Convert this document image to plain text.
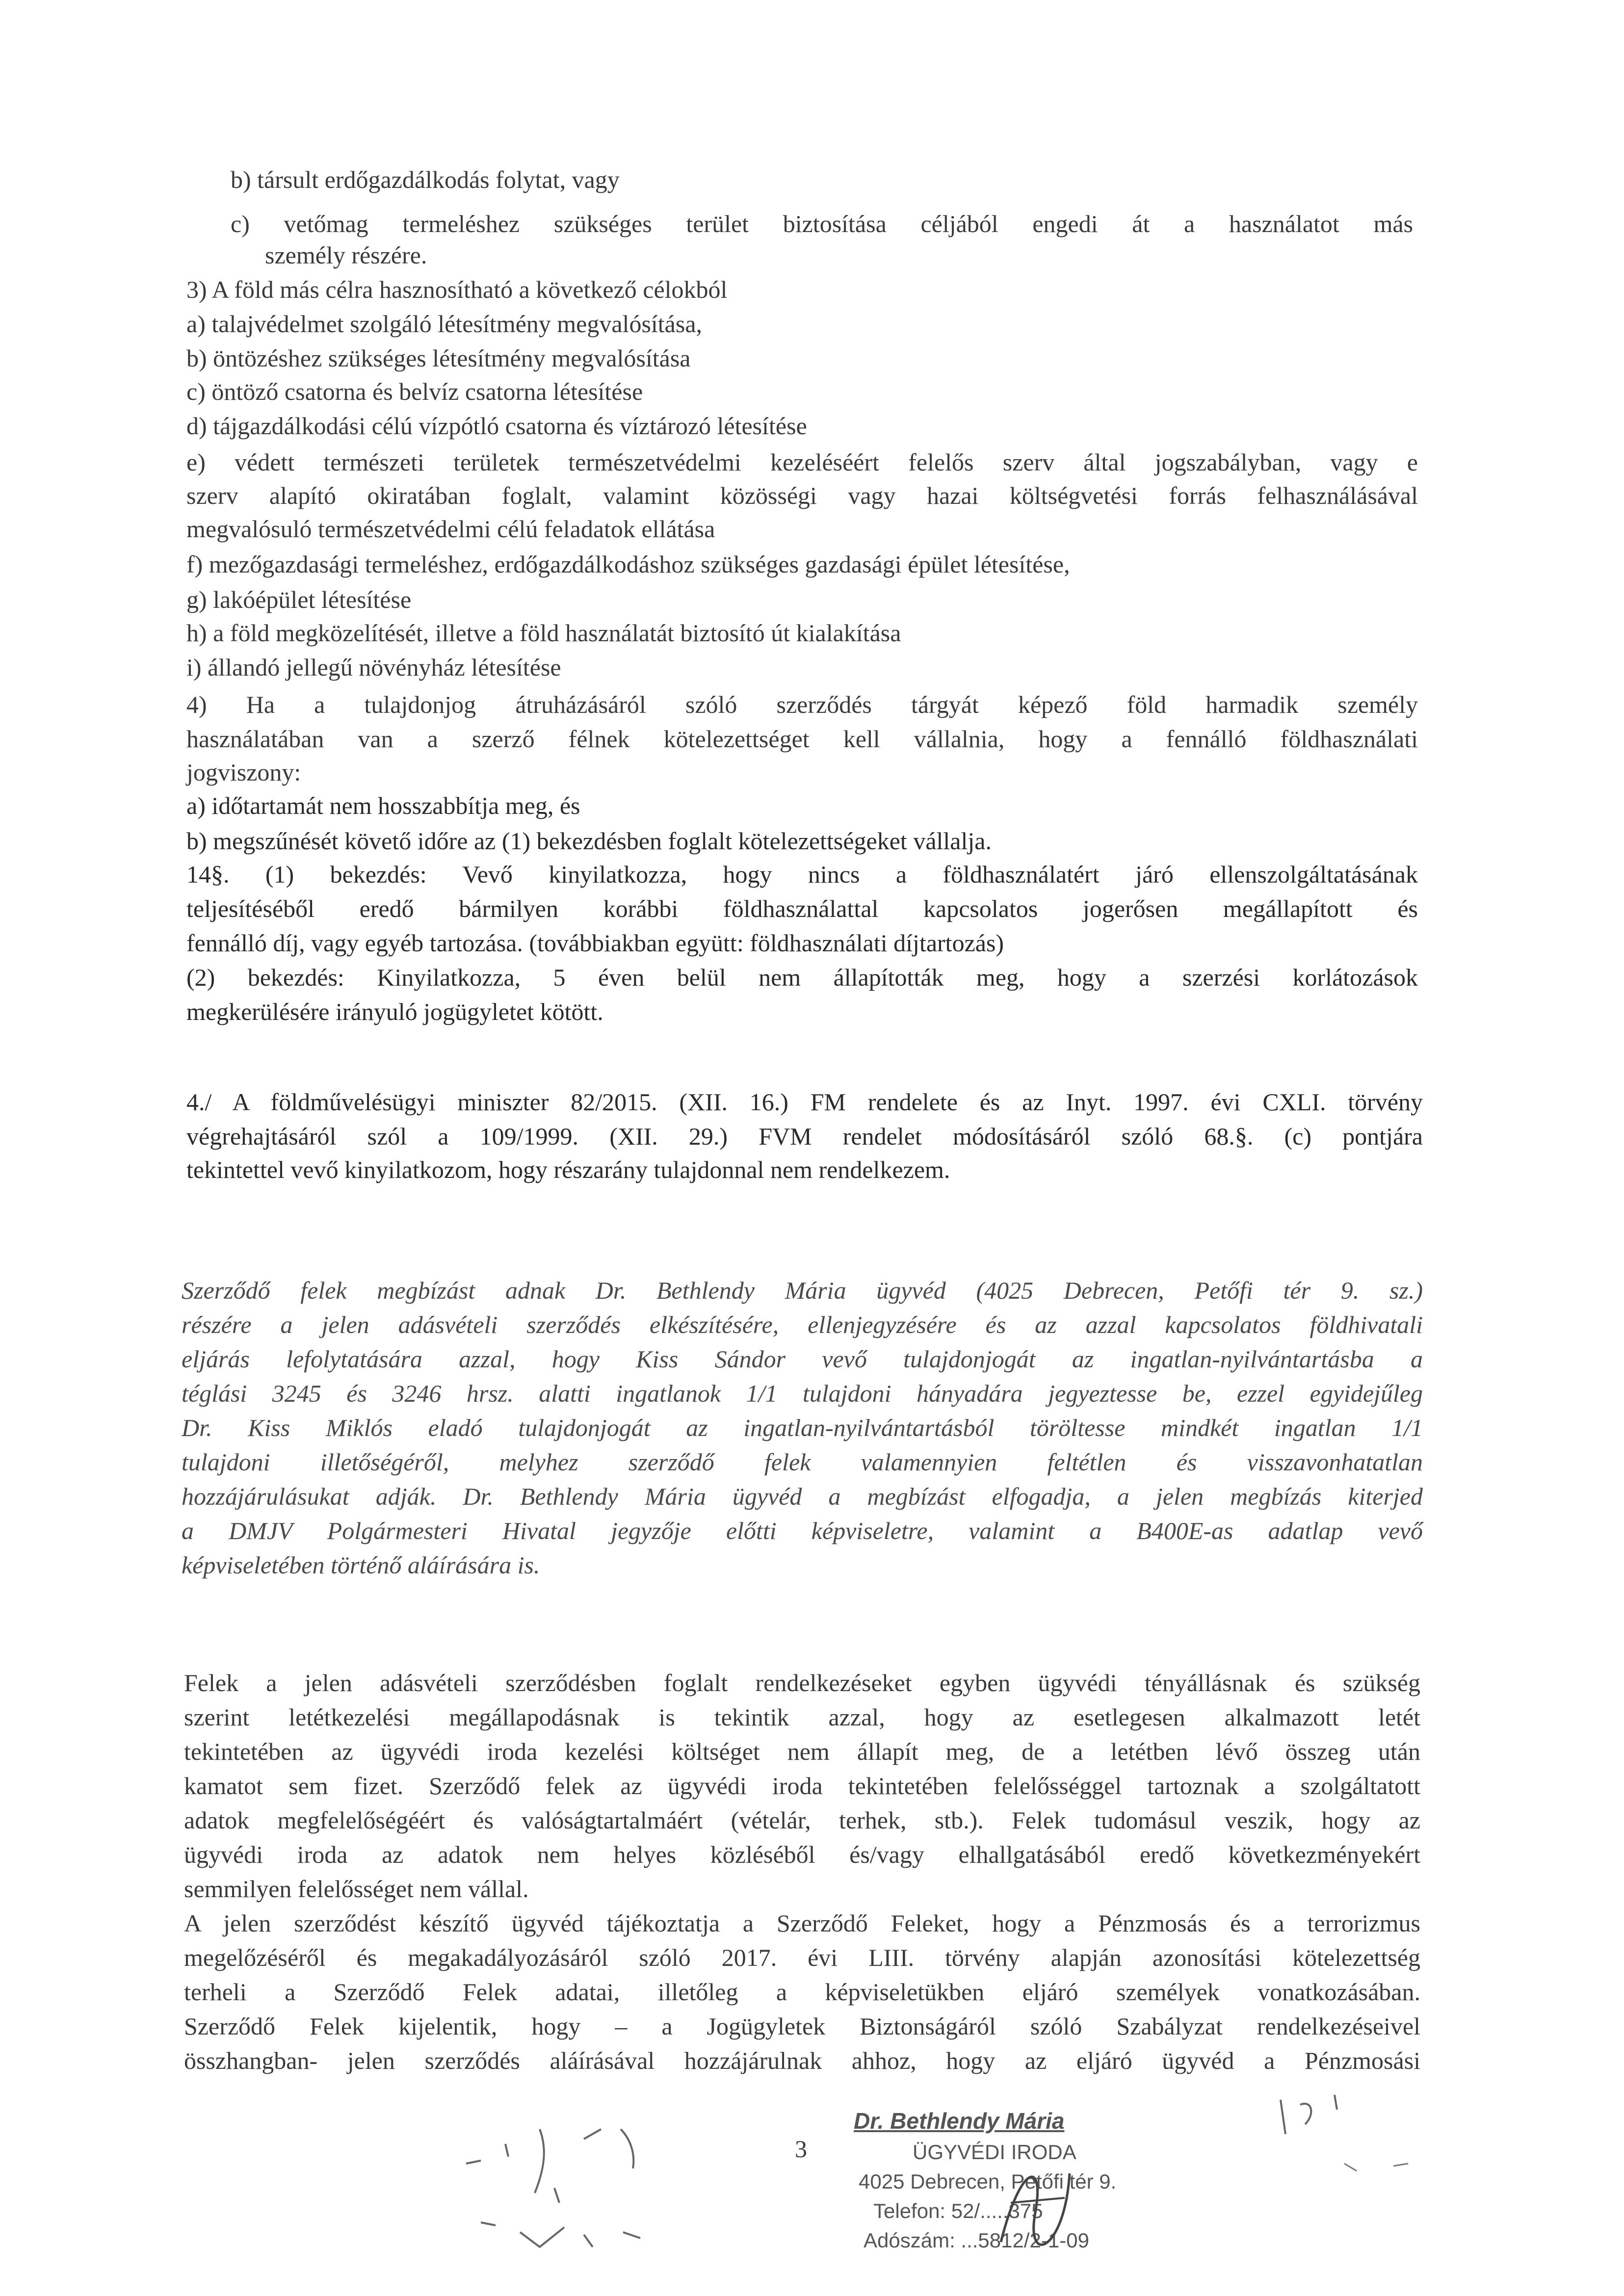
b) társult erdőgazdálkodás folytat, vagy
c) vetőmag termeléshez szükséges terület biztosítása céljából engedi át a használatot más
személy részére.
3) A föld más célra hasznosítható a következő célokból
a) talajvédelmet szolgáló létesítmény megvalósítása,
b) öntözéshez szükséges létesítmény megvalósítása
c) öntöző csatorna és belvíz csatorna létesítése
d) tájgazdálkodási célú vízpótló csatorna és víztározó létesítése
e) védett természeti területek természetvédelmi kezeléséért felelős szerv által jogszabályban, vagy e
szerv alapító okiratában foglalt, valamint közösségi vagy hazai költségvetési forrás felhasználásával
megvalósuló természetvédelmi célú feladatok ellátása
f) mezőgazdasági termeléshez, erdőgazdálkodáshoz szükséges gazdasági épület létesítése,
g) lakóépület létesítése
h) a föld megközelítését, illetve a föld használatát biztosító út kialakítása
i) állandó jellegű növényház létesítése
4) Ha a tulajdonjog átruházásáról szóló szerződés tárgyát képező föld harmadik személy
használatában van a szerző félnek kötelezettséget kell vállalnia, hogy a fennálló földhasználati
jogviszony:
a) időtartamát nem hosszabbítja meg, és
b) megszűnését követő időre az (1) bekezdésben foglalt kötelezettségeket vállalja.
14§. (1) bekezdés: Vevő kinyilatkozza, hogy nincs a földhasználatért járó ellenszolgáltatásának
teljesítéséből eredő bármilyen korábbi földhasználattal kapcsolatos jogerősen megállapított és
fennálló díj, vagy egyéb tartozása. (továbbiakban együtt: földhasználati díjtartozás)
(2) bekezdés: Kinyilatkozza, 5 éven belül nem állapították meg, hogy a szerzési korlátozások
megkerülésére irányuló jogügyletet kötött.
4./ A földművelésügyi miniszter 82/2015. (XII. 16.) FM rendelete és az Inyt. 1997. évi CXLI. törvény
végrehajtásáról szól a 109/1999. (XII. 29.) FVM rendelet módosításáról szóló 68.§. (c) pontjára
tekintettel vevő kinyilatkozom, hogy részarány tulajdonnal nem rendelkezem.
Szerződő felek megbízást adnak Dr. Bethlendy Mária ügyvéd (4025 Debrecen, Petőfi tér 9. sz.)
részére a jelen adásvételi szerződés elkészítésére, ellenjegyzésére és az azzal kapcsolatos földhivatali
eljárás lefolytatására azzal, hogy Kiss Sándor vevő tulajdonjogát az ingatlan-nyilvántartásba a
téglási 3245 és 3246 hrsz. alatti ingatlanok 1/1 tulajdoni hányadára jegyeztesse be, ezzel egyidejűleg
Dr. Kiss Miklós eladó tulajdonjogát az ingatlan-nyilvántartásból töröltesse mindkét ingatlan 1/1
tulajdoni illetőségéről, melyhez szerződő felek valamennyien feltétlen és visszavonhatatlan
hozzájárulásukat adják. Dr. Bethlendy Mária ügyvéd a megbízást elfogadja, a jelen megbízás kiterjed
a DMJV Polgármesteri Hivatal jegyzője előtti képviseletre, valamint a B400E-as adatlap vevő
képviseletében történő aláírására is.
Felek a jelen adásvételi szerződésben foglalt rendelkezéseket egyben ügyvédi tényállásnak és szükség
szerint letétkezelési megállapodásnak is tekintik azzal, hogy az esetlegesen alkalmazott letét
tekintetében az ügyvédi iroda kezelési költséget nem állapít meg, de a letétben lévő összeg után
kamatot sem fizet. Szerződő felek az ügyvédi iroda tekintetében felelősséggel tartoznak a szolgáltatott
adatok megfelelőségéért és valóságtartalmáért (vételár, terhek, stb.). Felek tudomásul veszik, hogy az
ügyvédi iroda az adatok nem helyes közléséből és/vagy elhallgatásából eredő következményekért
semmilyen felelősséget nem vállal.
A jelen szerződést készítő ügyvéd tájékoztatja a Szerződő Feleket, hogy a Pénzmosás és a terrorizmus
megelőzéséről és megakadályozásáról szóló 2017. évi LIII. törvény alapján azonosítási kötelezettség
terheli a Szerződő Felek adatai, illetőleg a képviseletükben eljáró személyek vonatkozásában.
Szerződő Felek kijelentik, hogy – a Jogügyletek Biztonságáról szóló Szabályzat rendelkezéseivel
összhangban- jelen szerződés aláírásával hozzájárulnak ahhoz, hogy az eljáró ügyvéd a Pénzmosási
3
Dr. Bethlendy Mária
ÜGYVÉDI IRODA
4025 Debrecen, Petőfi tér 9.
Telefon: 52/.....375
Adószám: ...5812/2-1-09
